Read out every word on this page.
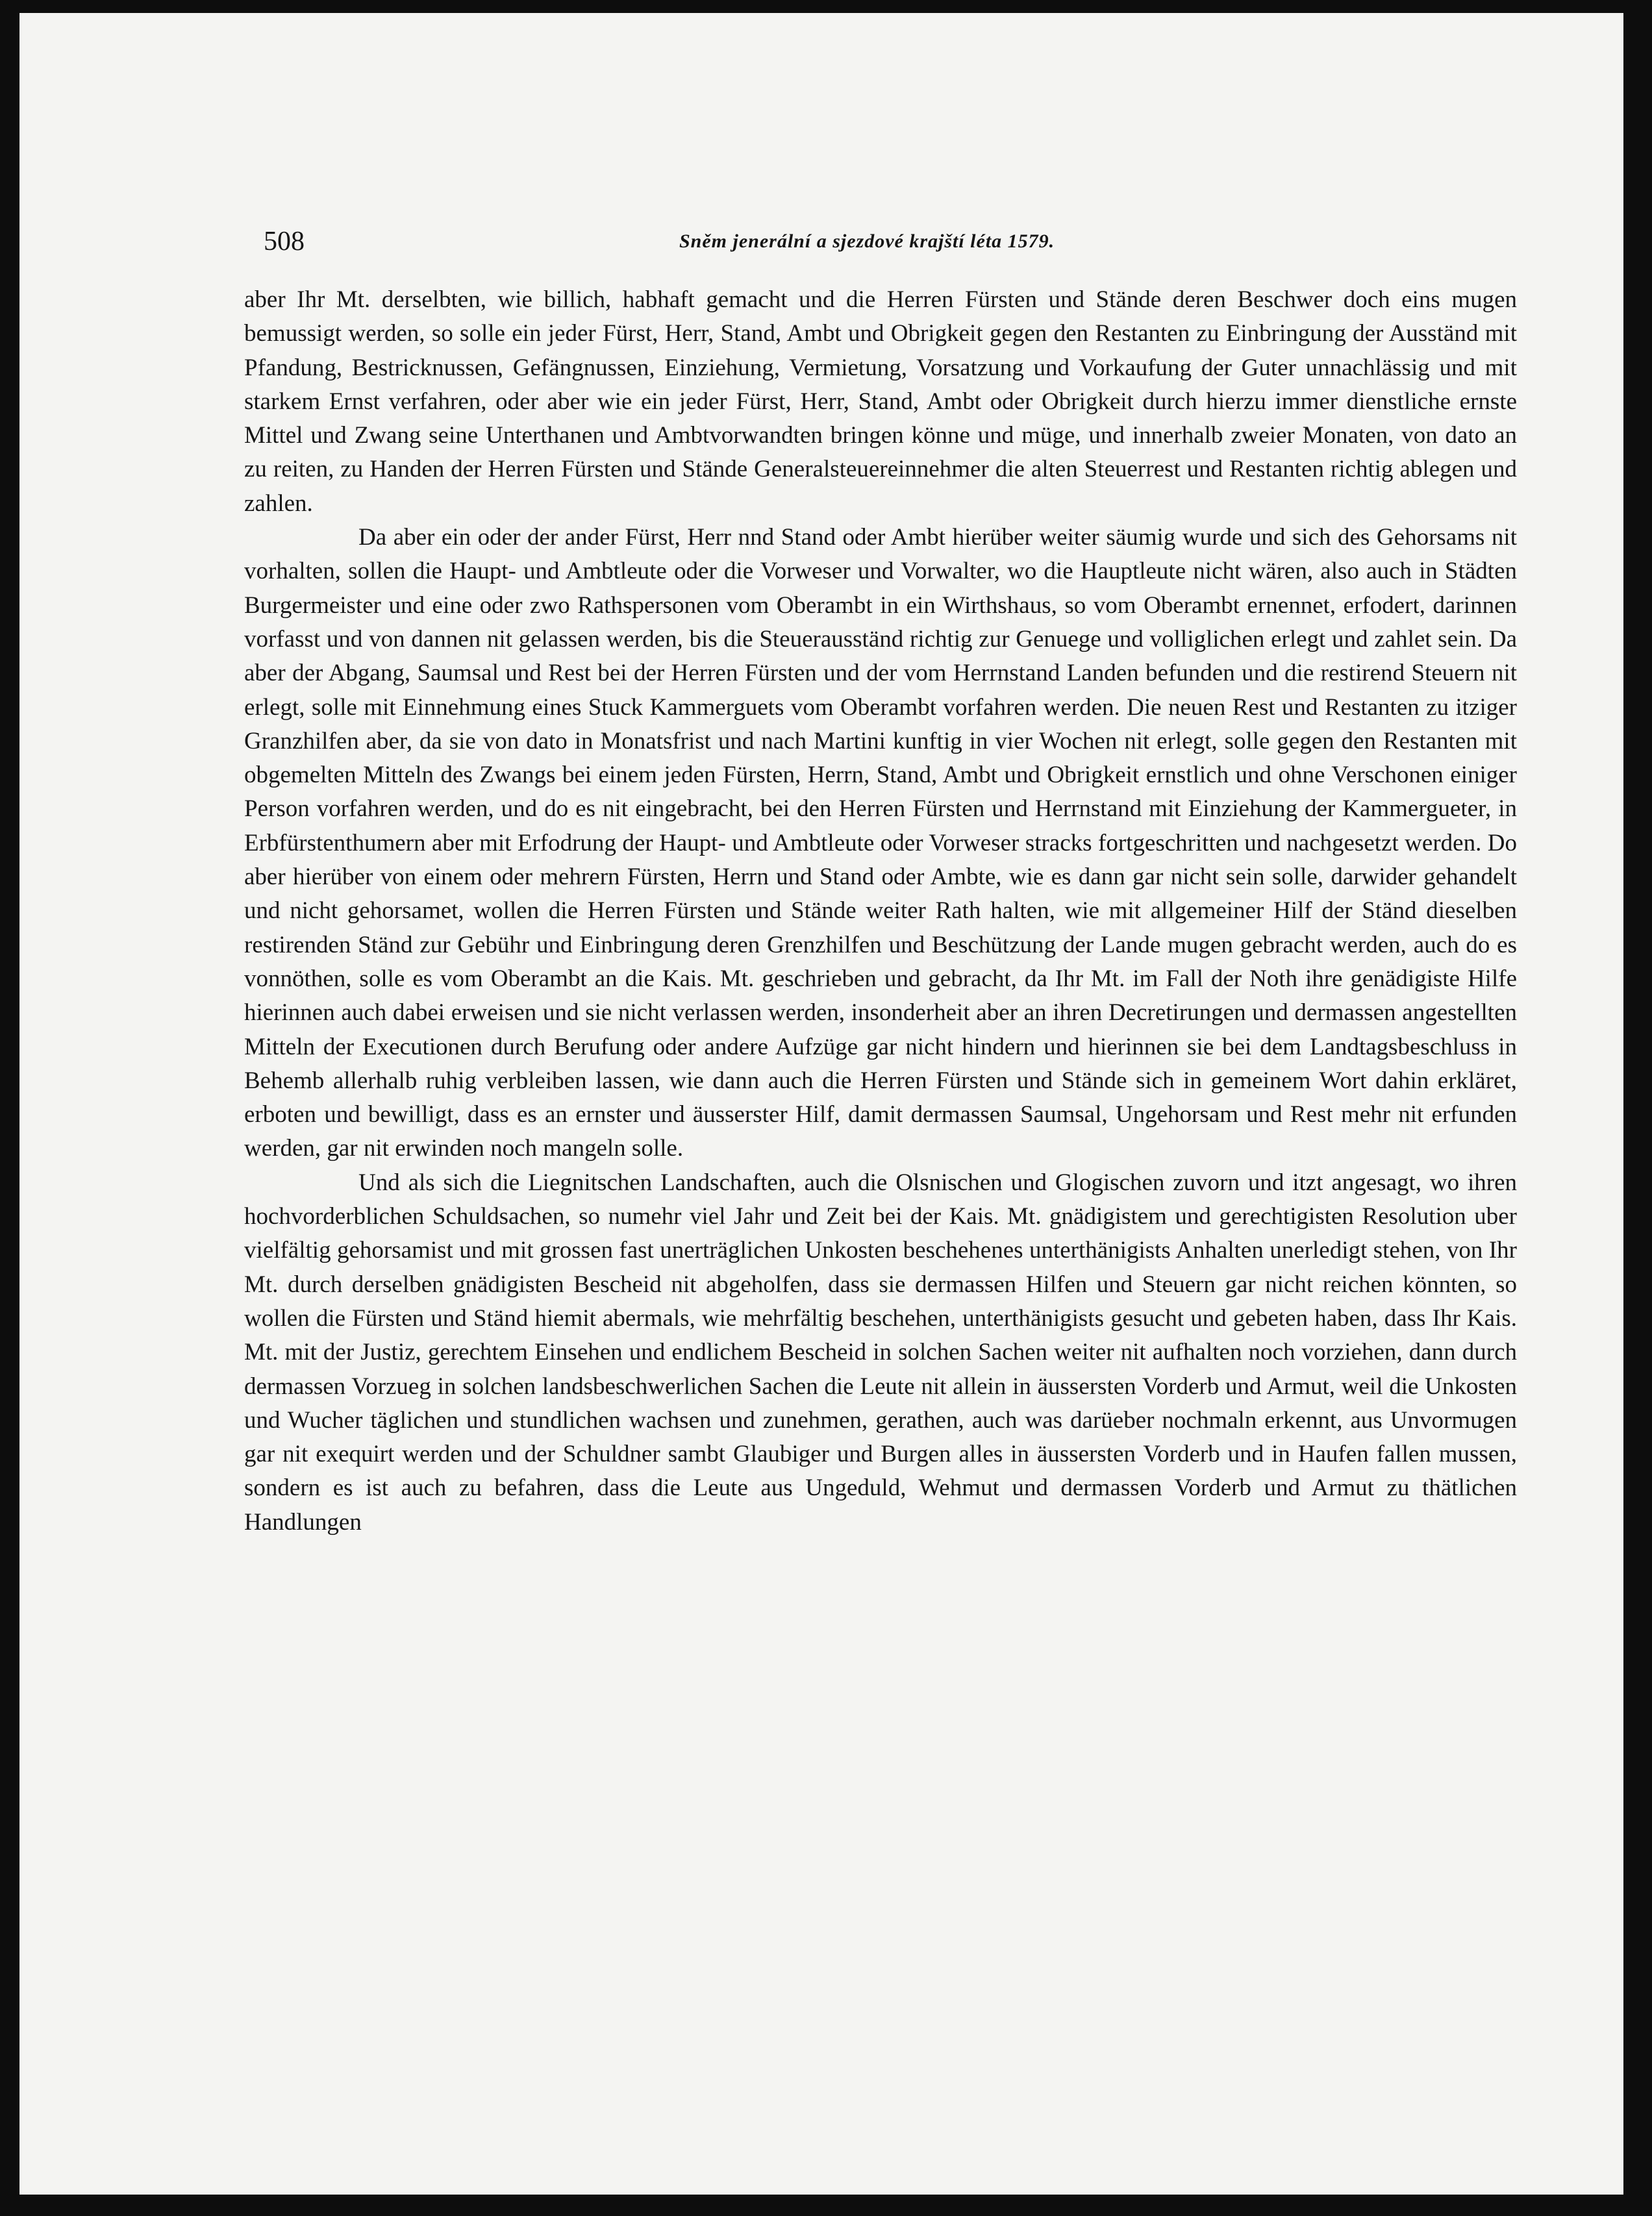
508	Sněm jenerální a sjezdové krajští léta 1579.

aber Ihr Mt. derselbten, wie billich, habhaft gemacht und die Herren Fürsten und Stände deren Beschwer doch eins mugen bemussigt werden, so solle ein jeder Fürst, Herr, Stand, Ambt und Obrigkeit gegen den Restanten zu Einbringung der Ausständ mit Pfandung, Bestricknussen, Gefängnussen, Einziehung, Vermietung, Vorsatzung und Vorkaufung der Guter unnachlässig und mit starkem Ernst verfahren, oder aber wie ein jeder Fürst, Herr, Stand, Ambt oder Obrigkeit durch hierzu immer dienstliche ernste Mittel und Zwang seine Unterthanen und Ambtvorwandten bringen könne und müge, und innerhalb zweier Monaten, von dato an zu reiten, zu Handen der Herren Fürsten und Stände Generalsteuereinnehmer die alten Steuerrest und Restanten richtig ablegen und zahlen.

Da aber ein oder der ander Fürst, Herr nnd Stand oder Ambt hierüber weiter säumig wurde und sich des Gehorsams nit vorhalten, sollen die Haupt- und Ambtleute oder die Vorweser und Vorwalter, wo die Hauptleute nicht wären, also auch in Städten Burgermeister und eine oder zwo Rathspersonen vom Oberambt in ein Wirthshaus, so vom Oberambt ernennet, erfodert, darinnen vorfasst und von dannen nit gelassen werden, bis die Steuerausständ richtig zur Genuege und volliglichen erlegt und zahlet sein. Da aber der Abgang, Saumsal und Rest bei der Herren Fürsten und der vom Herrnstand Landen befunden und die restirend Steuern nit erlegt, solle mit Einnehmung eines Stuck Kammerguets vom Oberambt vorfahren werden. Die neuen Rest und Restanten zu itziger Granzhilfen aber, da sie von dato in Monatsfrist und nach Martini kunftig in vier Wochen nit erlegt, solle gegen den Restanten mit obgemelten Mitteln des Zwangs bei einem jeden Fürsten, Herrn, Stand, Ambt und Obrigkeit ernstlich und ohne Verschonen einiger Person vorfahren werden, und do es nit eingebracht, bei den Herren Fürsten und Herrnstand mit Einziehung der Kammergueter, in Erbfürstenthumern aber mit Erfodrung der Haupt- und Ambtleute oder Vorweser stracks fortgeschritten und nachgesetzt werden. Do aber hierüber von einem oder mehrern Fürsten, Herrn und Stand oder Ambte, wie es dann gar nicht sein solle, darwider gehandelt und nicht gehorsamet, wollen die Herren Fürsten und Stände weiter Rath halten, wie mit allgemeiner Hilf der Ständ dieselben restirenden Ständ zur Gebühr und Einbringung deren Grenzhilfen und Beschützung der Lande mugen gebracht werden, auch do es vonnöthen, solle es vom Oberambt an die Kais. Mt. geschrieben und gebracht, da Ihr Mt. im Fall der Noth ihre genädigiste Hilfe hierinnen auch dabei erweisen und sie nicht verlassen werden, insonderheit aber an ihren Decretirungen und dermassen angestellten Mitteln der Executionen durch Berufung oder andere Aufzüge gar nicht hindern und hierinnen sie bei dem Landtagsbeschluss in Behemb allerhalb ruhig verbleiben lassen, wie dann auch die Herren Fürsten und Stände sich in gemeinem Wort dahin erkläret, erboten und bewilligt, dass es an ernster und äusserster Hilf, damit dermassen Saumsal, Ungehorsam und Rest mehr nit erfunden werden, gar nit erwinden noch mangeln solle.

Und als sich die Liegnitschen Landschaften, auch die Olsnischen und Glogischen zuvorn und itzt angesagt, wo ihren hochvorderblichen Schuldsachen, so numehr viel Jahr und Zeit bei der Kais. Mt. gnädigistem und gerechtigisten Resolution uber vielfältig gehorsamist und mit grossen fast unerträglichen Unkosten beschehenes unterthänigists Anhalten unerledigt stehen, von Ihr Mt. durch derselben gnädigisten Bescheid nit abgeholfen, dass sie dermassen Hilfen und Steuern gar nicht reichen könnten, so wollen die Fürsten und Ständ hiemit abermals, wie mehrfältig beschehen, unterthänigists gesucht und gebeten haben, dass Ihr Kais. Mt. mit der Justiz, gerechtem Einsehen und endlichem Bescheid in solchen Sachen weiter nit aufhalten noch vorziehen, dann durch dermassen Vorzueg in solchen landsbeschwerlichen Sachen die Leute nit allein in äussersten Vorderb und Armut, weil die Unkosten und Wucher täglichen und stundlichen wachsen und zunehmen, gerathen, auch was darüeber nochmaln erkennt, aus Unvormugen gar nit exequirt werden und der Schuldner sambt Glaubiger und Burgen alles in äussersten Vorderb und in Haufen fallen mussen, sondern es ist auch zu befahren, dass die Leute aus Ungeduld, Wehmut und dermassen Vorderb und Armut zu thätlichen Handlungen
